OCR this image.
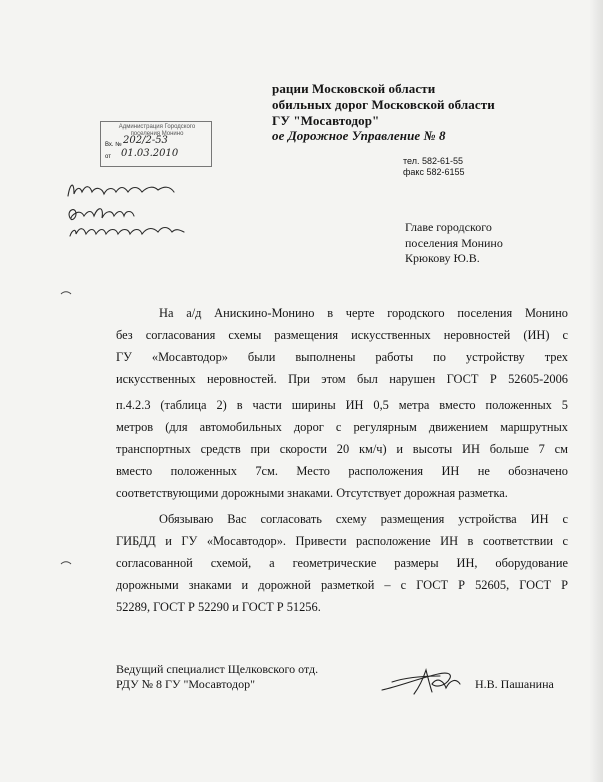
рации Московской области
обильных дорог Московской области
ГУ "Мосавтодор"
ое Дорожное Управление № 8
тел. 582-61-55
факс 582-6155
Администрация Городского поселения Монино
Вх. № 202/2-53
от 01.03.2010
Главе городского
поселения Монино
Крюкову Ю.В.
На а/д Анискино-Монино в черте городского поселения Монино
без согласования схемы размещения искусственных неровностей (ИН) с
ГУ «Мосавтодор» были выполнены работы по устройству трех
искусственных неровностей. При этом был нарушен ГОСТ Р 52605-2006
п.4.2.3 (таблица 2) в части ширины ИН 0,5 метра вместо положенных 5
метров (для автомобильных дорог с регулярным движением маршрутных
транспортных средств при скорости 20 км/ч) и высоты ИН больше 7 см
вместо положенных 7см. Место расположения ИН не обозначено
соответствующими дорожными знаками. Отсутствует дорожная разметка.
Обязываю Вас согласовать схему размещения устройства ИН с
ГИБДД и ГУ «Мосавтодор». Привести расположение ИН в соответствии с
согласованной схемой, а геометрические размеры ИН, оборудование
дорожными знаками и дорожной разметкой – с ГОСТ Р 52605, ГОСТ Р
52289, ГОСТ Р 52290 и ГОСТ Р 51256.
Ведущий специалист Щелковского отд.
РДУ № 8 ГУ "Мосавтодор"	Н.В. Пашанина
